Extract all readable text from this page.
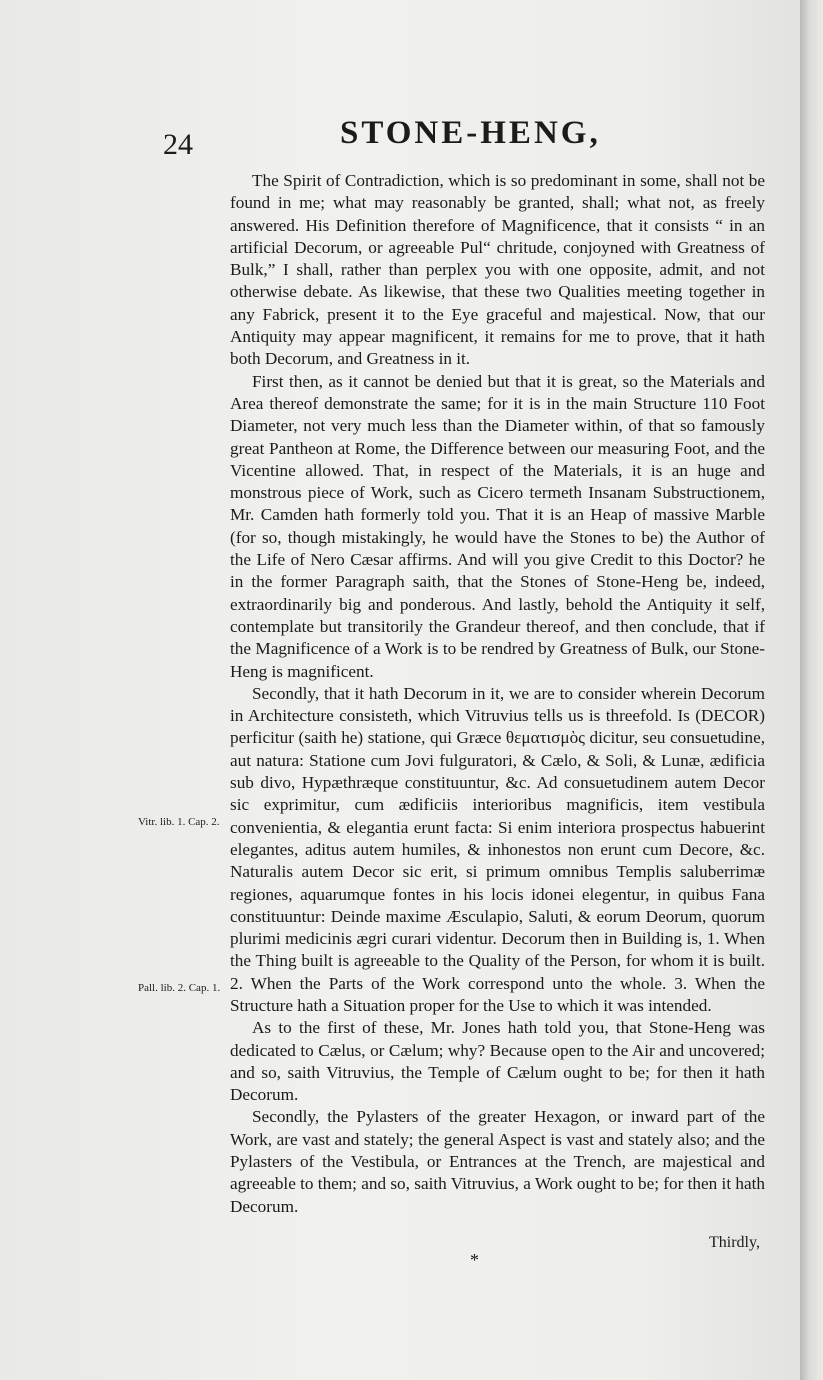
24	STONE-HENG,

The Spirit of Contradiction, which is so predominant in some, shall not be found in me; what may reasonably be granted, shall; what not, as freely answered. His Definition therefore of Magnificence, that it consists “ in an artificial Decorum, or agreeable Pul“ chritude, conjoyned with Greatness of Bulk,” I shall, rather than perplex you with one opposite, admit, and not otherwise debate. As likewise, that these two Qualities meeting together in any Fabrick, present it to the Eye graceful and majestical. Now, that our Antiquity may appear magnificent, it remains for me to prove, that it hath both Decorum, and Greatness in it.

First then, as it cannot be denied but that it is great, so the Materials and Area thereof demonstrate the same; for it is in the main Structure 110 Foot Diameter, not very much less than the Diameter within, of that so famously great Pantheon at Rome, the Difference between our measuring Foot, and the Vicentine allowed. That, in respect of the Materials, it is an huge and monstrous piece of Work, such as Cicero termeth Insanam Substructionem, Mr. Camden hath formerly told you. That it is an Heap of massive Marble (for so, though mistakingly, he would have the Stones to be) the Author of the Life of Nero Cæsar affirms. And will you give Credit to this Doctor? he in the former Paragraph saith, that the Stones of Stone-Heng be, indeed, extraordinarily big and ponderous. And lastly, behold the Antiquity it self, contemplate but transitorily the Grandeur thereof, and then conclude, that if the Magnificence of a Work is to be rendred by Greatness of Bulk, our Stone-Heng is magnificent.

Secondly, that it hath Decorum in it, we are to consider wherein Decorum in Architecture consisteth, which Vitruvius tells us is threefold. Is (DECOR) perficitur (saith he) statione, qui Græce θεματισμὸς dicitur, seu consuetudine, aut natura: Statione cum Jovi fulguratori, & Cælo, & Soli, & Lunæ, ædificia sub divo, Hypæthræque constituuntur, &c. Ad consuetudinem autem Decor sic exprimitur, cum ædificiis interioribus magnificis, item vestibula convenientia, & elegantia erunt facta: Si enim interiora prospectus habuerint elegantes, aditus autem humiles, & inhonestos non erunt cum Decore, &c. Naturalis autem Decor sic erit, si primum omnibus Templis saluberrimæ regiones, aquarumque fontes in his locis idonei elegentur, in quibus Fana constituuntur: Deinde maxime Æsculapio, Saluti, & eorum Deorum, quorum plurimi medicinis ægri curari videntur. Decorum then in Building is, 1. When the Thing built is agreeable to the Quality of the Person, for whom it is built. 2. When the Parts of the Work correspond unto the whole. 3. When the Structure hath a Situation proper for the Use to which it was intended.

As to the first of these, Mr. Jones hath told you, that Stone-Heng was dedicated to Cælus, or Cælum; why? Because open to the Air and uncovered; and so, saith Vitruvius, the Temple of Cælum ought to be; for then it hath Decorum.

Secondly, the Pylasters of the greater Hexagon, or inward part of the Work, are vast and stately; the general Aspect is vast and stately also; and the Pylasters of the Vestibula, or Entrances at the Trench, are majestical and agreeable to them; and so, saith Vitruvius, a Work ought to be; for then it hath Decorum.

Vitr. lib. 1. Cap. 2.
Pall. lib. 2. Cap. 1.
Thirdly,
*
